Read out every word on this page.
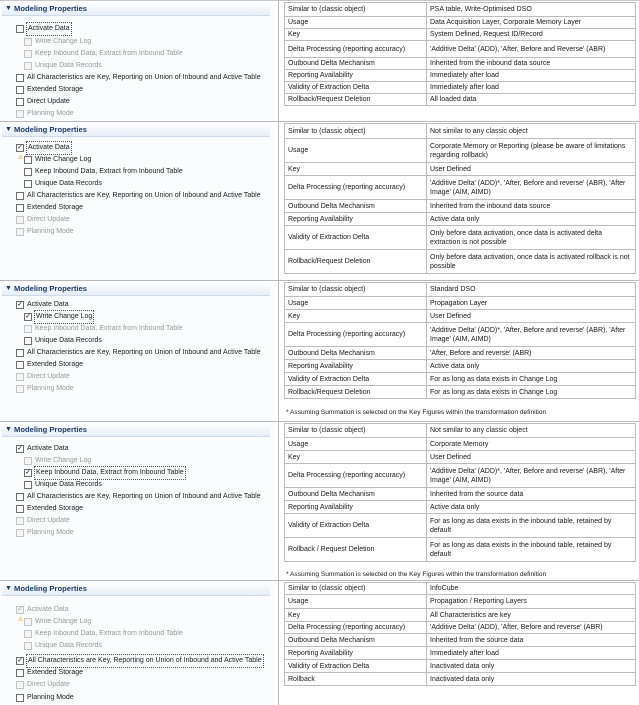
▼ Modeling Properties
Activate Data
Write Change Log
Keep Inbound Data, Extract from Inbound Table
Unique Data Records
All Characteristics are Key, Reporting on Union of Inbound and Active Table
Extended Storage
Direct Update
Planning Mode
Similar to (classic object)	PSA table, Write-Optimised DSO
Usage	Data Acquisition Layer, Corporate Memory Layer
Key	System Defined, Request ID/Record
Delta Processing (reporting accuracy)	'Additive Delta' (ADD), 'After, Before and Reverse' (ABR)
Outbound Delta Mechanism	Inherited from the inbound data source
Reporting Availability	Immediately after load
Validity of Extraction Delta	Immediately after load
Rollback/Request Deletion	All loaded data
▼ Modeling Properties
✓ Activate Data
⚠ Write Change Log
Keep Inbound Data, Extract from Inbound Table
Unique Data Records
All Characteristics are Key, Reporting on Union of Inbound and Active Table
Extended Storage
Direct Update
Planning Mode
Similar to (classic object)	Not similar to any classic object
Usage	Corporate Memory or Reporting (please be aware of limitations regarding rollback)
Key	User Defined
Delta Processing (reporting accuracy)	'Additive Delta' (ADD)*, 'After, Before and reverse' (ABR), 'After Image' (AIM, AIMD)
Outbound Delta Mechanism	Inherited from the inbound data source
Reporting Availability	Active data only
Validity of Extraction Delta	Only before data activation, once data is activated delta extraction is not possible
Rollback/Request Deletion	Only before data activation, once data is activated rollback is not possible
▼ Modeling Properties
✓ Activate Data
✓ Write Change Log
Keep Inbound Data, Extract from Inbound Table
Unique Data Records
All Characteristics are Key, Reporting on Union of Inbound and Active Table
Extended Storage
Direct Update
Planning Mode
Similar to (classic object)	Standard DSO
Usage	Propagation Layer
Key	User Defined
Delta Processing (reporting accuracy)	'Additive Delta' (ADD)*, 'After, Before and reverse' (ABR), 'After Image' (AIM, AIMD)
Outbound Delta Mechanism	'After, Before and reverse' (ABR)
Reporting Availability	Active data only
Validity of Extraction Delta	For as long as data exists in Change Log
Rollback/Request Deletion	For as long as data exists in Change Log
* Assuming Summation is selected on the Key Figures within the transformation definition
▼ Modeling Properties
✓ Activate Data
Write Change Log
✓ Keep Inbound Data, Extract from Inbound Table
Unique Data Records
All Characteristics are Key, Reporting on Union of Inbound and Active Table
Extended Storage
Direct Update
Planning Mode
Similar to (classic object)	Not similar to any classic object
Usage	Corporate Memory
Key	User Defined
Delta Processing (reporting accuracy)	'Additive Delta' (ADD)*, 'After, Before and reverse' (ABR), 'After Image' (AIM, AIMD)
Outbound Delta Mechanism	Inherited from the source data
Reporting Availability	Active data only
Validity of Extraction Delta	For as long as data exists in the inbound table, retained by default
Rollback / Request Deletion	For as long as data exists in the inbound table, retained by default
* Assuming Summation is selected on the Key Figures within the transformation definition
▼ Modeling Properties
✓ Activate Data
⚠ Write Change Log
Keep Inbound Data, Extract from Inbound Table
Unique Data Records
✓ All Characteristics are Key, Reporting on Union of Inbound and Active Table
Extended Storage
Direct Update
Planning Mode
Similar to (classic object)	InfoCube
Usage	Propagation / Reporting Layers
Key	All Characteristics are key
Delta Processing (reporting accuracy)	'Additive Delta' (ADD), 'After, Before and reverse' (ABR)
Outbound Delta Mechanism	Inherited from the source data
Reporting Availability	Immediately after load
Validity of Extraction Delta	Inactivated data only
Rollback	Inactivated data only
